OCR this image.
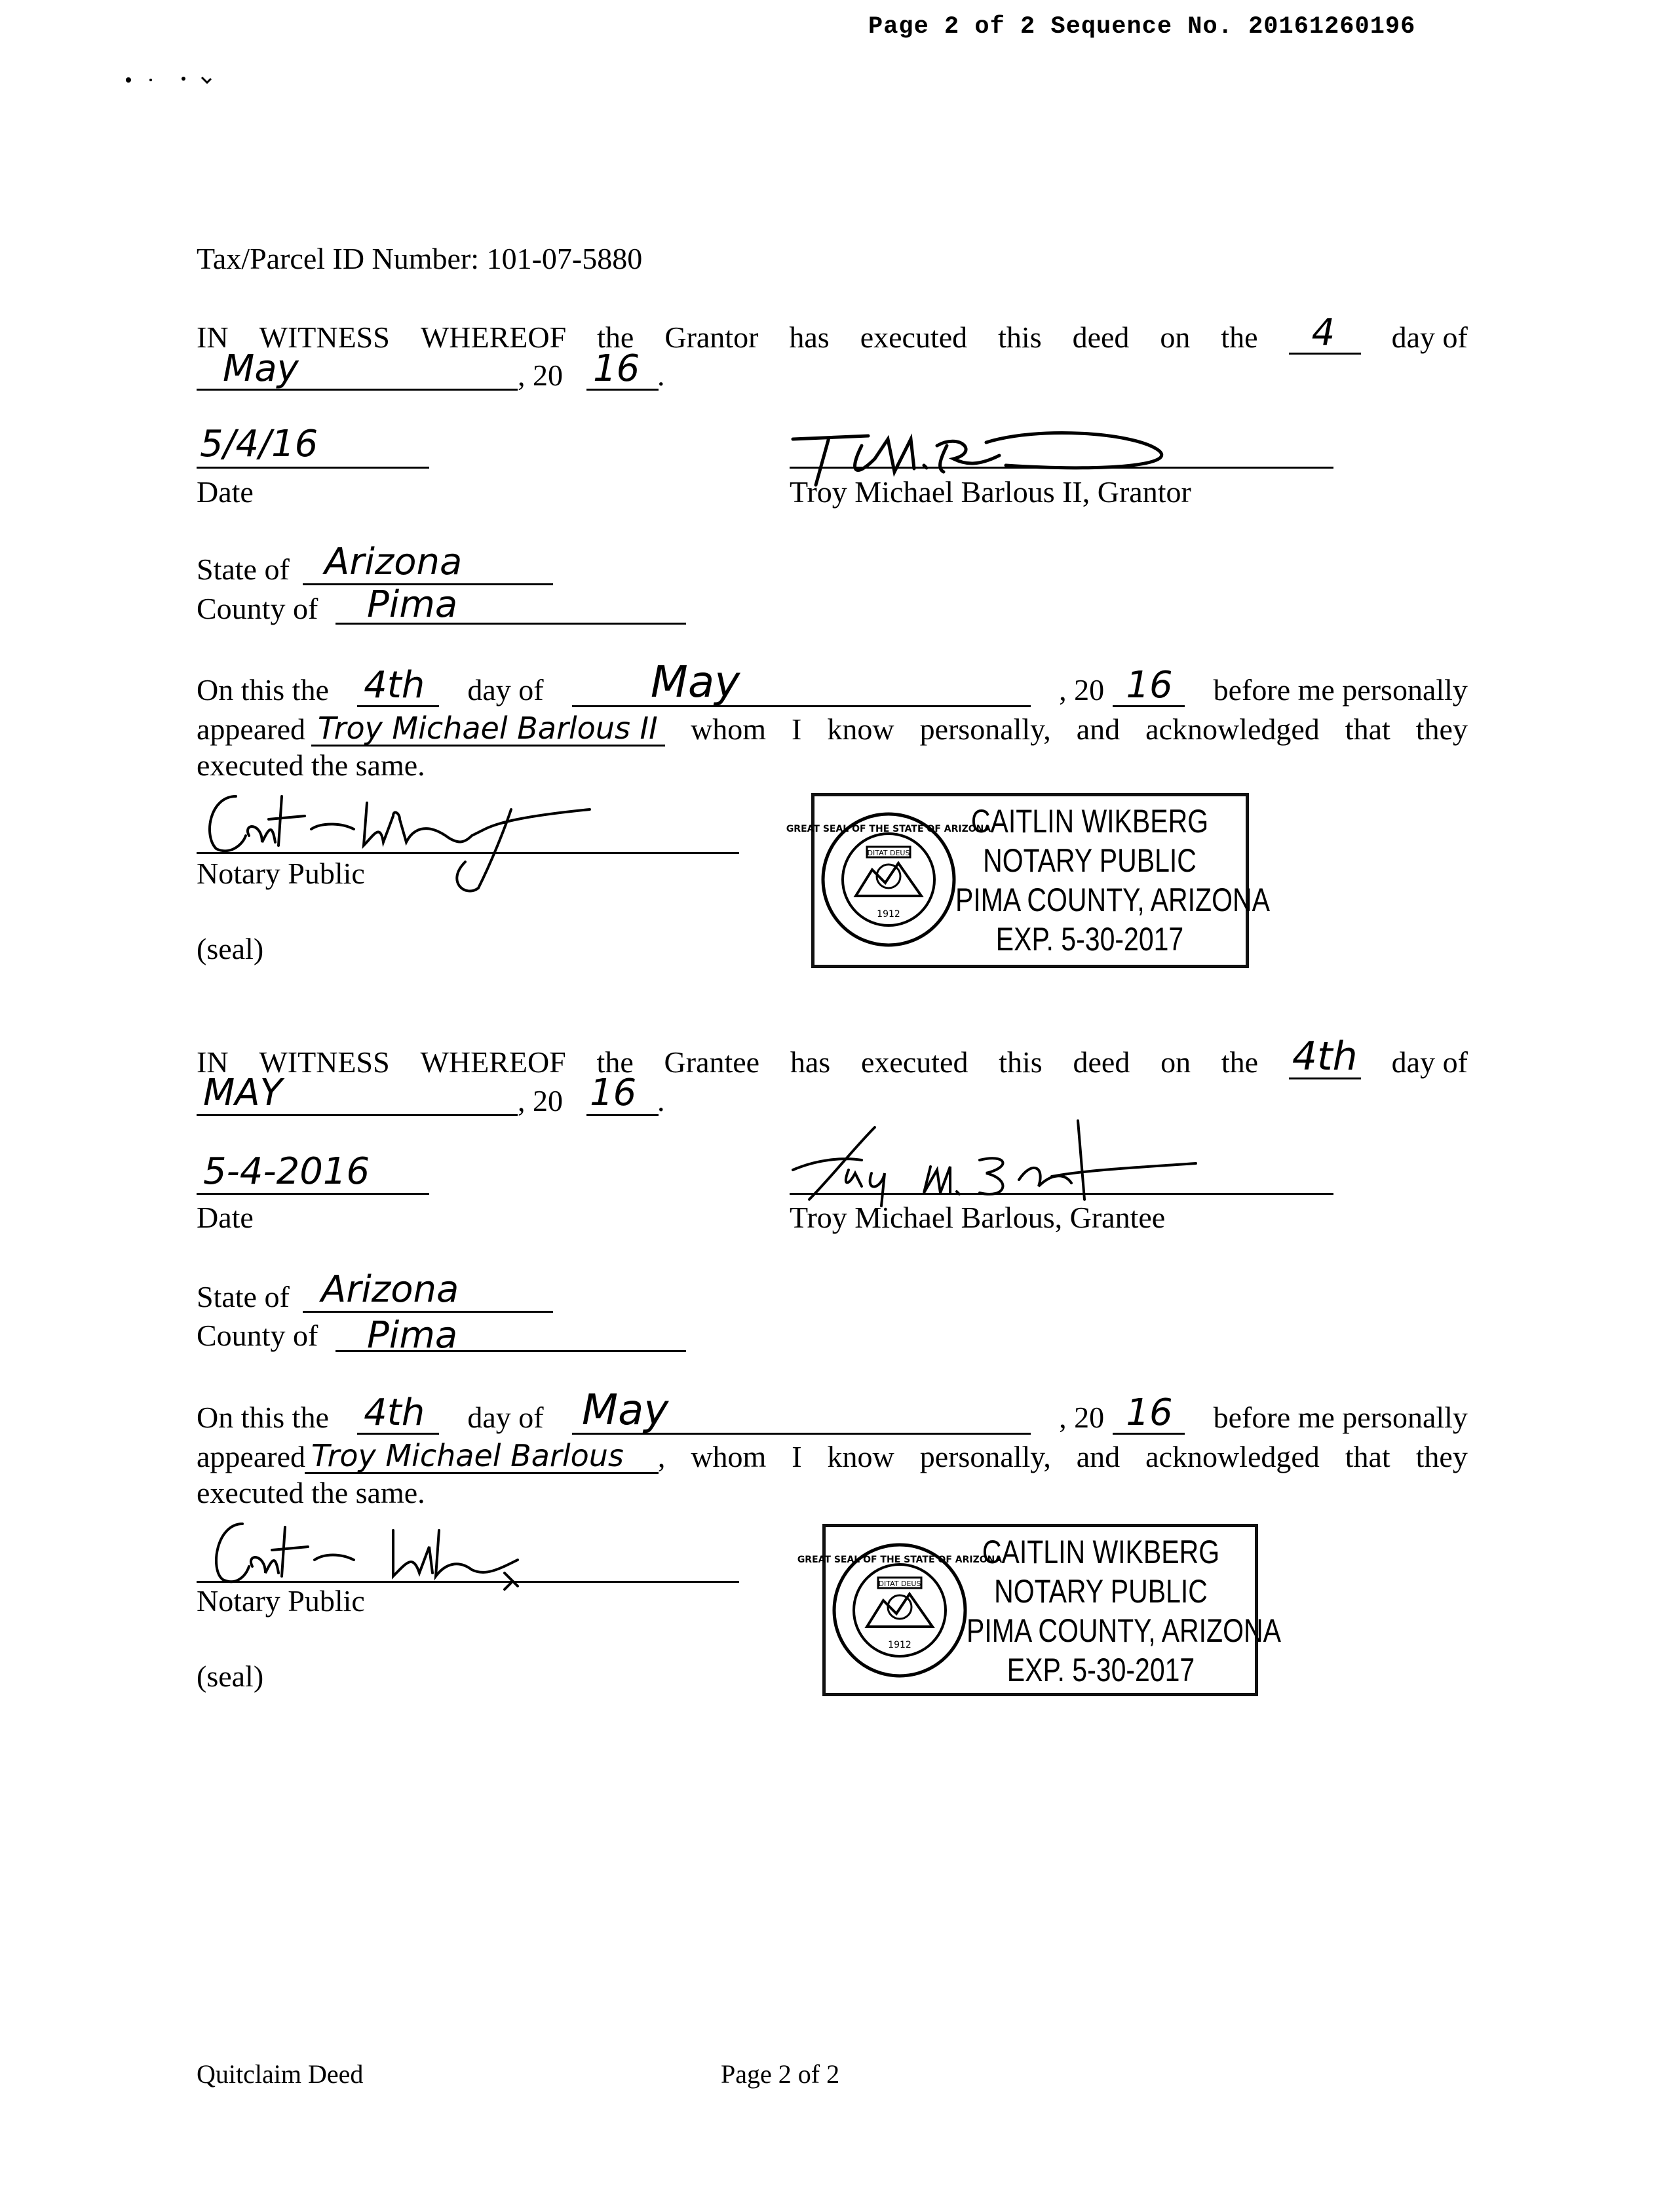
Page 2 of 2 Sequence No. 20161260196
Tax/Parcel ID Number: 101-07-5880
IN WITNESS WHEREOF the Grantor has executed this deed on the 4
day of
May	, 20 16 .
5/4/16
Date	Troy Michael Barlous II, Grantor
State of Arizona
County of Pima
On this the 4th
day of May
	, 20 16
before me personally
appeared Troy Michael Barlous II
whom I know personally, and acknowledged that they
executed the same.
Notary Public
(seal)
DITAT DEUS
1912
GREAT SEAL OF THE STATE OF ARIZONA
CAITLIN WIKBERG
NOTARY PUBLIC
PIMA COUNTY, ARIZONA
EXP. 5-30-2017
IN WITNESS WHEREOF the Grantee has executed this deed on the 4th
day of
MAY	, 20 16 .
5-4-2016
Date	Troy Michael Barlous, Grantee
State of Arizona
County of Pima
On this the 4th
day of May
	, 20 16
before me personally
appeared Troy Michael Barlous
, whom I know personally, and acknowledged that they
executed the same.
Notary Public
(seal)
DITAT DEUS
1912
GREAT SEAL OF THE STATE OF ARIZONA
CAITLIN WIKBERG
NOTARY PUBLIC
PIMA COUNTY, ARIZONA
EXP. 5-30-2017
Quitclaim Deed	Page 2 of 2
